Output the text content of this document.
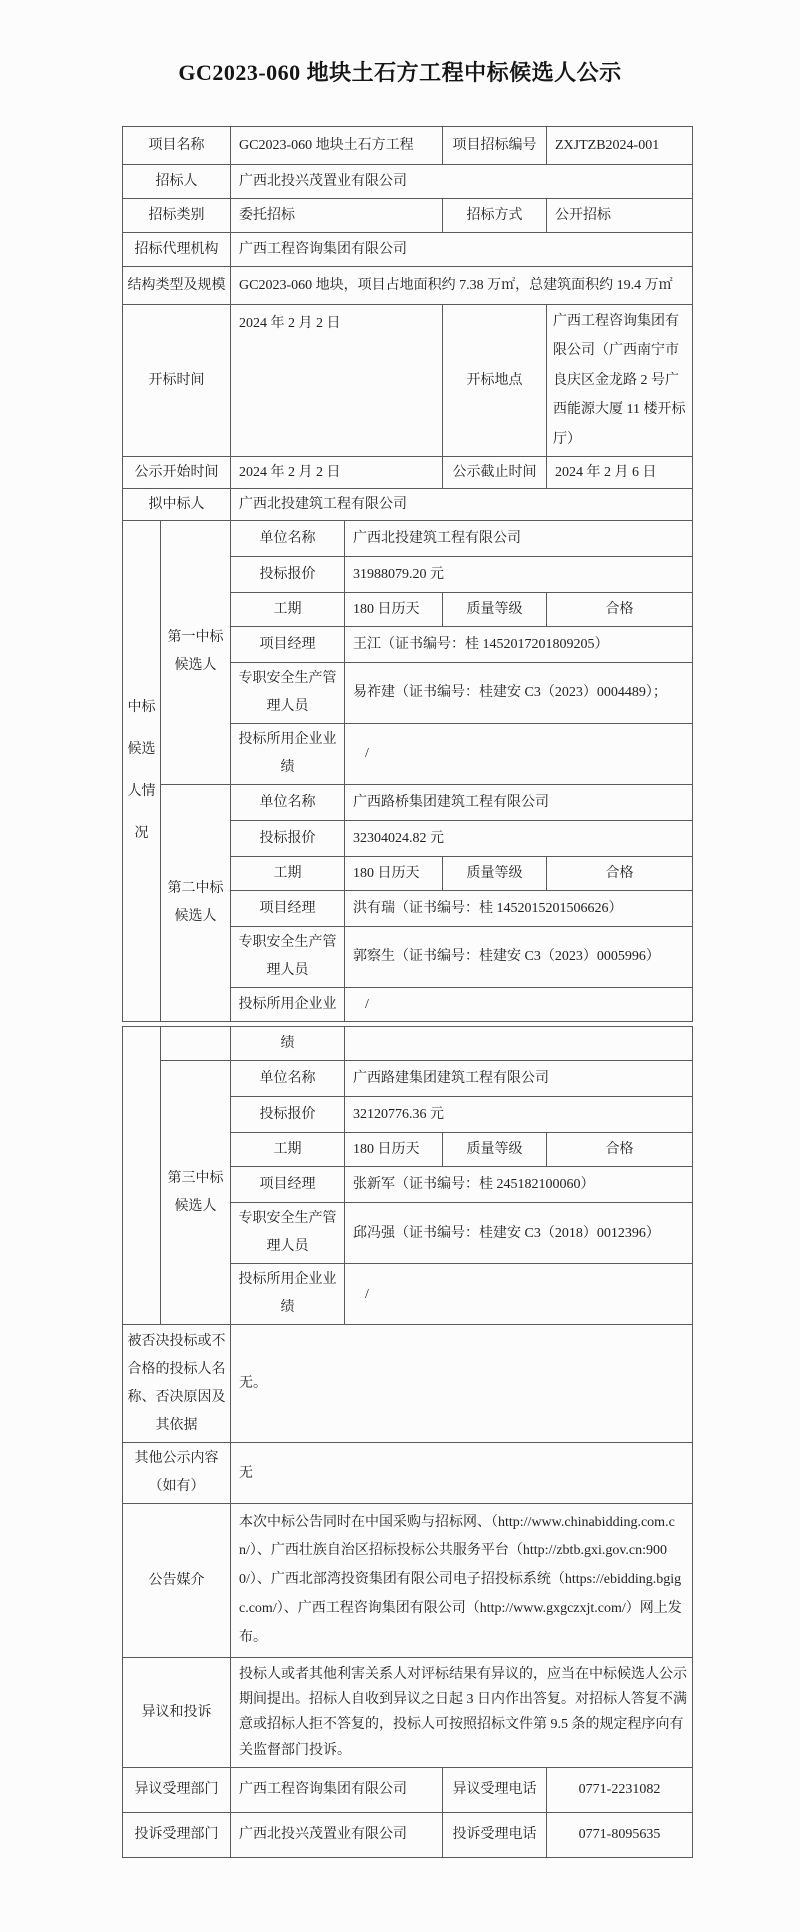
GC2023-060 地块土石方工程中标候选人公示
项目名称		GC2023-060 地块土石方工程		项目招标编号	ZXJTZB2024-001
招标人		广西北投兴茂置业有限公司			
招标类别		委托招标		招标方式	公开招标
招标代理机构		广西工程咨询集团有限公司			
结构类型及规模		GC2023-060 地块，项目占地面积约 7.38 万㎡，总建筑面积约 19.4 万㎡			
开标时间		2024 年 2 月 2 日		开标地点	广西工程咨询集团有限公司（广西南宁市良庆区金龙路 2 号广西能源大厦 11 楼开标厅）
公示开始时间		2024 年 2 月 2 日		公示截止时间	2024 年 2 月 6 日
拟中标人		广西北投建筑工程有限公司			
中标候选人情况	第一中标候选人	单位名称	广西北投建筑工程有限公司		
		投标报价	31988079.20 元		
		工期	180 日历天	质量等级	合格
		项目经理	王江（证书编号：桂 1452017201809205）		
		专职安全生产管理人员	易祚建（证书编号：桂建安 C3（2023）0004489）；		
		投标所用企业业绩	/		
	第二中标候选人	单位名称	广西路桥集团建筑工程有限公司		
		投标报价	32304024.82 元		
		工期	180 日历天	质量等级	合格
		项目经理	洪有瑞（证书编号：桂 1452015201506626）		
		专职安全生产管理人员	郭察生（证书编号：桂建安 C3（2023）0005996）		
		投标所用企业业	/		
		绩			
	第三中标候选人	单位名称	广西路建集团建筑工程有限公司		
		投标报价	32120776.36 元		
		工期	180 日历天	质量等级	合格
		项目经理	张新军（证书编号：桂 245182100060）		
		专职安全生产管理人员	邱冯强（证书编号：桂建安 C3（2018）0012396）		
		投标所用企业业绩	/		
被否决投标或不合格的投标人名称、否决原因及其依据		无。			
其他公示内容（如有）		无			
公告媒介		本次中标公告同时在中国采购与招标网、（http://www.chinabidding.com.cn/）、广西壮族自治区招标投标公共服务平台（http://zbtb.gxi.gov.cn:9000/）、广西北部湾投资集团有限公司电子招投标系统（https://ebidding.bgigc.com/）、广西工程咨询集团有限公司（http://www.gxgczxjt.com/）网上发布。			
异议和投诉		投标人或者其他利害关系人对评标结果有异议的，应当在中标候选人公示期间提出。招标人自收到异议之日起 3 日内作出答复。对招标人答复不满意或招标人拒不答复的，投标人可按照招标文件第 9.5 条的规定程序向有关监督部门投诉。			
异议受理部门		广西工程咨询集团有限公司		异议受理电话	0771-2231082
投诉受理部门		广西北投兴茂置业有限公司		投诉受理电话	0771-8095635
